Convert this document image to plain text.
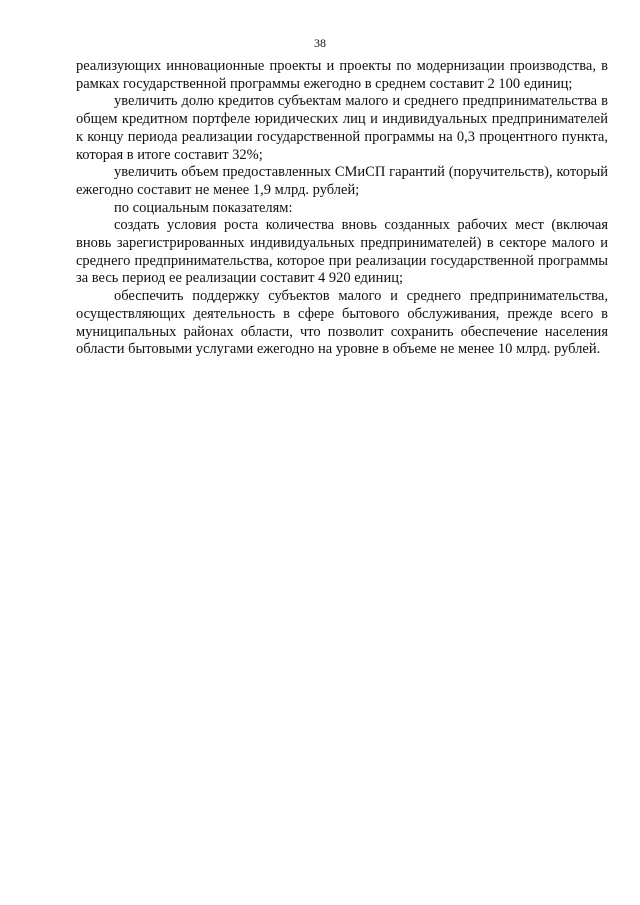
38

реализующих инновационные проекты и проекты по модернизации производства, в рамках государственной программы ежегодно в среднем составит 2 100 единиц;

увеличить долю кредитов субъектам малого и среднего предпринимательства в общем кредитном портфеле юридических лиц и индивидуальных предпринимателей к концу периода реализации государственной программы на 0,3 процентного пункта, которая в итоге составит 32%;

увеличить объем предоставленных СМиСП гарантий (поручительств), который ежегодно составит не менее 1,9 млрд. рублей;

по социальным показателям:

создать условия роста количества вновь созданных рабочих мест (включая вновь зарегистрированных индивидуальных предпринимателей) в секторе малого и среднего предпринимательства, которое при реализации государственной программы за весь период ее реализации составит 4 920 единиц;

обеспечить поддержку субъектов малого и среднего предпринимательства, осуществляющих деятельность в сфере бытового обслуживания, прежде всего в муниципальных районах области, что позволит сохранить обеспечение населения области бытовыми услугами ежегодно на уровне в объеме не менее 10 млрд. рублей.
